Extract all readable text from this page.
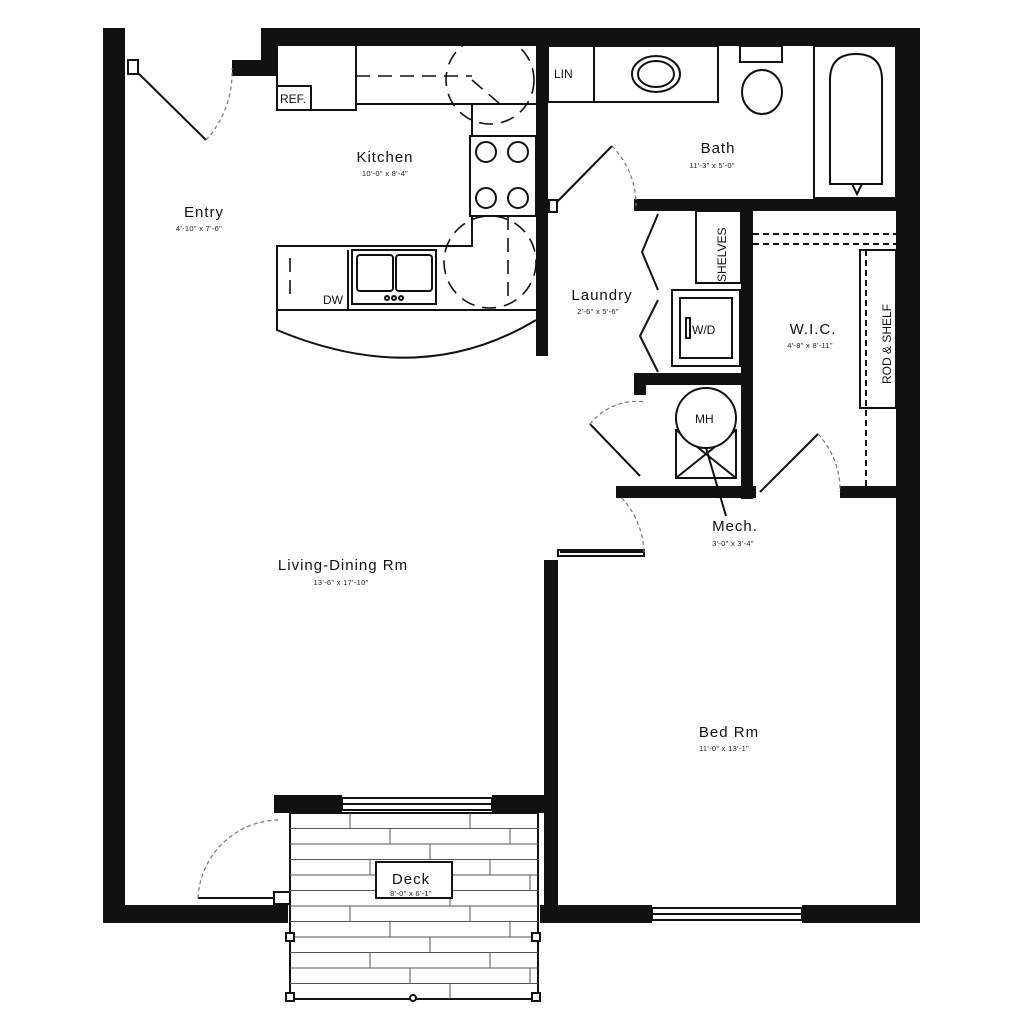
REF.
DW
LIN
SHELVES
W/D
MH
ROD & SHELF
Kitchen
10'-0" x 8'-4"
Entry
4'-10" x 7'-6"
Bath
11'-3" x 5'-0"
Laundry
2'-6" x 5'-6"
W.I.C.
4'-8" x 8'-11"
Mech.
3'-0" x 3'-4"
Living-Dining Rm
13'-6" x 17'-10"
Bed Rm
11'-0" x 13'-1"
Deck
8'-0" x 6'-1"
